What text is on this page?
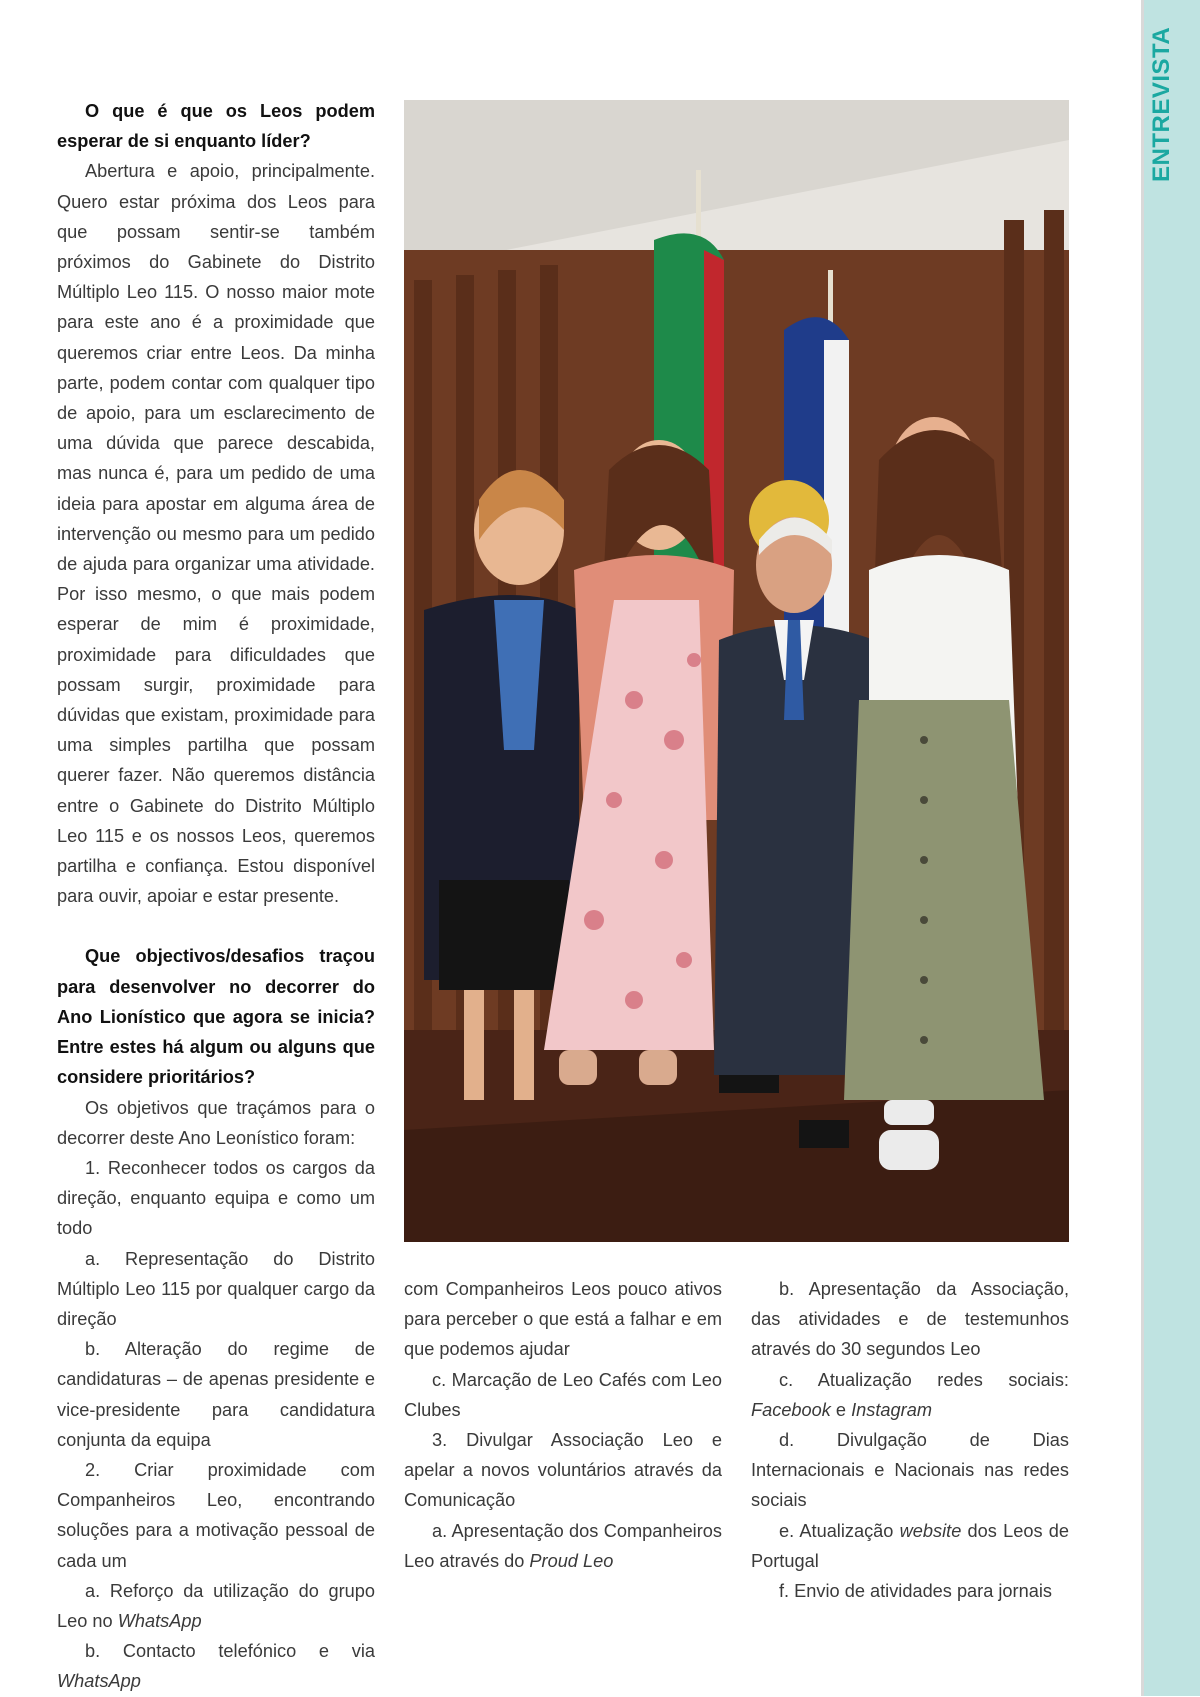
ENTREVISTA

O que é que os Leos podem esperar de si enquanto líder?

Abertura e apoio, principalmente. Quero estar próxima dos Leos para que possam sentir-se também próximos do Gabinete do Distrito Múltiplo Leo 115. O nosso maior mote para este ano é a proximidade que queremos criar entre Leos. Da minha parte, podem contar com qualquer tipo de apoio, para um esclarecimento de uma dúvida que parece descabida, mas nunca é, para um pedido de uma ideia para apostar em alguma área de intervenção ou mesmo para um pedido de ajuda para organizar uma atividade. Por isso mesmo, o que mais podem esperar de mim é proximidade, proximidade para dificuldades que possam surgir, proximidade para dúvidas que existam, proximidade para uma simples partilha que possam querer fazer. Não queremos distância entre o Gabinete do Distrito Múltiplo Leo 115 e os nossos Leos, queremos partilha e confiança. Estou disponível para ouvir, apoiar e estar presente.

Que objectivos/desafios traçou para desenvolver no decorrer do Ano Lionístico que agora se inicia? Entre estes há algum ou alguns que considere prioritários?

Os objetivos que traçámos para o decorrer deste Ano Leonístico foram:

1. Reconhecer todos os cargos da direção, enquanto equipa e como um todo

a. Representação do Distrito Múltiplo Leo 115 por qualquer cargo da direção

b. Alteração do regime de candidaturas – de apenas presidente e vice-presidente para candidatura conjunta da equipa

2. Criar proximidade com Companheiros Leo, encontrando soluções para a motivação pessoal de cada um

a. Reforço da utilização do grupo Leo no WhatsApp

b. Contacto telefónico e via WhatsApp

com Companheiros Leos pouco ativos para perceber o que está a falhar e em que podemos ajudar

c. Marcação de Leo Cafés com Leo Clubes

3. Divulgar Associação Leo e apelar a novos voluntários através da Comunicação

a. Apresentação dos Companheiros Leo através do Proud Leo

b. Apresentação da Associação, das atividades e de testemunhos através do 30 segundos Leo

c. Atualização redes sociais: Facebook e Instagram

d. Divulgação de Dias Internacionais e Nacionais nas redes sociais

e. Atualização website dos Leos de Portugal

f. Envio de atividades para jornais
